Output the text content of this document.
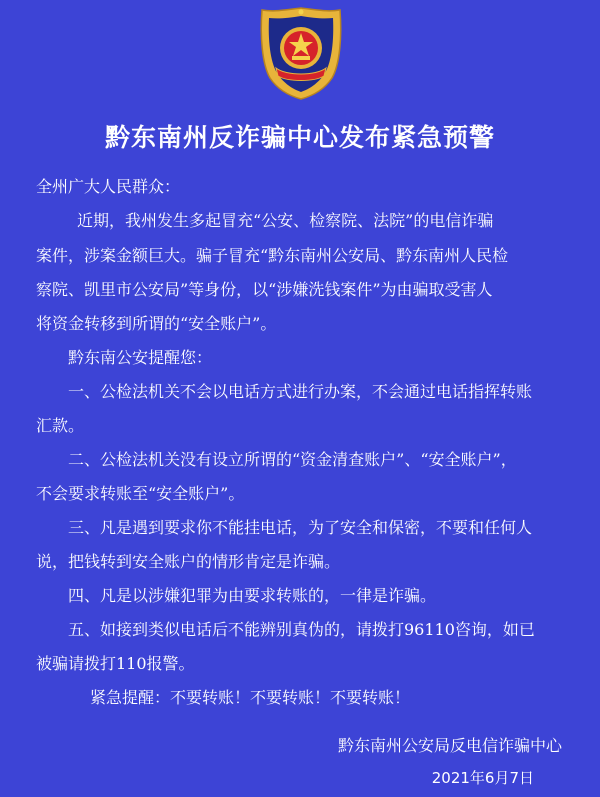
黔东南州反诈骗中心发布紧急预警
全州广大人民群众：
近期，我州发生多起冒充“公安、检察院、法院”的电信诈骗
案件，涉案金额巨大。骗子冒充“黔东南州公安局、黔东南州人民检
察院、凯里市公安局”等身份，以“涉嫌洗钱案件”为由骗取受害人
将资金转移到所谓的“安全账户”。
黔东南公安提醒您：
一、公检法机关不会以电话方式进行办案，不会通过电话指挥转账
汇款。
二、公检法机关没有设立所谓的“资金清查账户”、“安全账户”，
不会要求转账至“安全账户”。
三、凡是遇到要求你不能挂电话，为了安全和保密，不要和任何人
说，把钱转到安全账户的情形肯定是诈骗。
四、凡是以涉嫌犯罪为由要求转账的，一律是诈骗。
五、如接到类似电话后不能辨别真伪的，请拨打96110咨询，如已
被骗请拨打110报警。
紧急提醒：不要转账！不要转账！不要转账！
黔东南州公安局反电信诈骗中心
2021年6月7日
